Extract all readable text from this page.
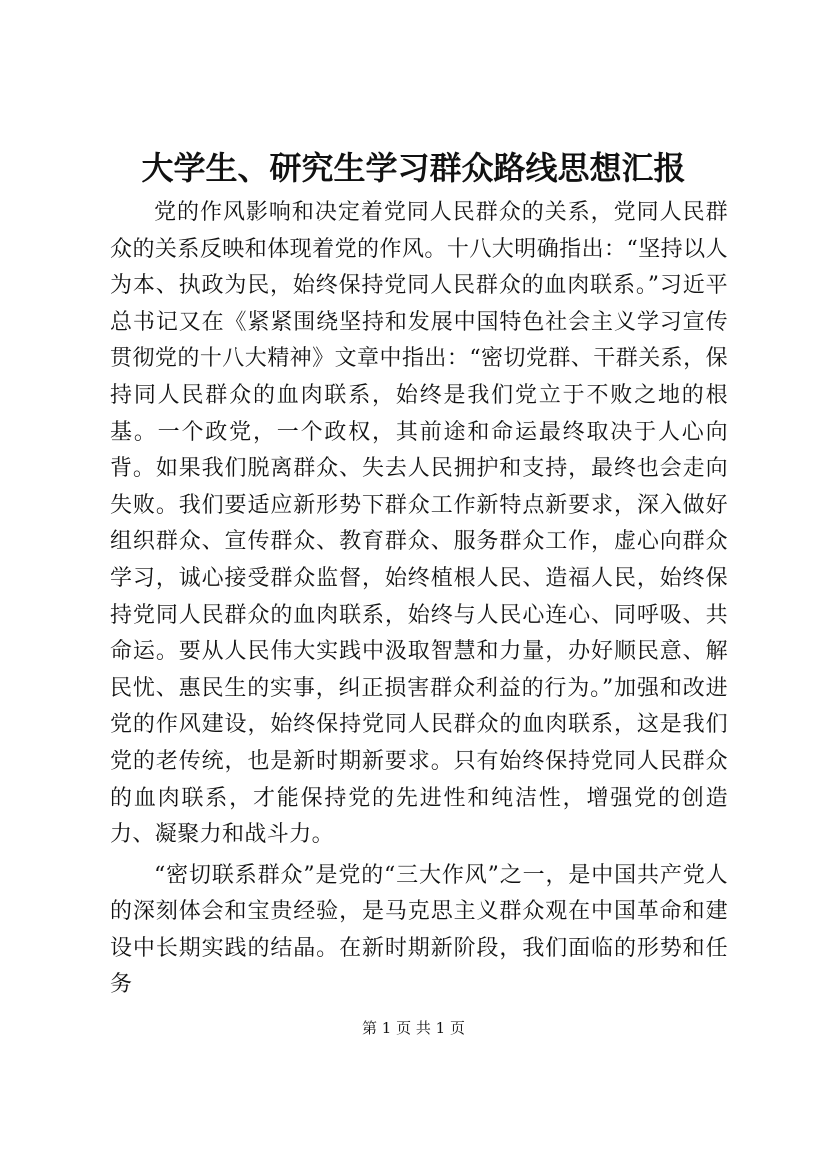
大学生、研究生学习群众路线思想汇报

党的作风影响和决定着党同人民群众的关系，党同人民群众的关系反映和体现着党的作风。十八大明确指出：“坚持以人为本、执政为民，始终保持党同人民群众的血肉联系。”习近平总书记又在《紧紧围绕坚持和发展中国特色社会主义学习宣传贯彻党的十八大精神》文章中指出：“密切党群、干群关系，保持同人民群众的血肉联系，始终是我们党立于不败之地的根基。一个政党，一个政权，其前途和命运最终取决于人心向背。如果我们脱离群众、失去人民拥护和支持，最终也会走向失败。我们要适应新形势下群众工作新特点新要求，深入做好组织群众、宣传群众、教育群众、服务群众工作，虚心向群众学习，诚心接受群众监督，始终植根人民、造福人民，始终保持党同人民群众的血肉联系，始终与人民心连心、同呼吸、共命运。要从人民伟大实践中汲取智慧和力量，办好顺民意、解民忧、惠民生的实事，纠正损害群众利益的行为。”加强和改进党的作风建设，始终保持党同人民群众的血肉联系，这是我们党的老传统，也是新时期新要求。只有始终保持党同人民群众的血肉联系，才能保持党的先进性和纯洁性，增强党的创造力、凝聚力和战斗力。

“密切联系群众”是党的“三大作风”之一，是中国共产党人的深刻体会和宝贵经验，是马克思主义群众观在中国革命和建设中长期实践的结晶。在新时期新阶段，我们面临的形势和任务

第 1 页 共 1 页
